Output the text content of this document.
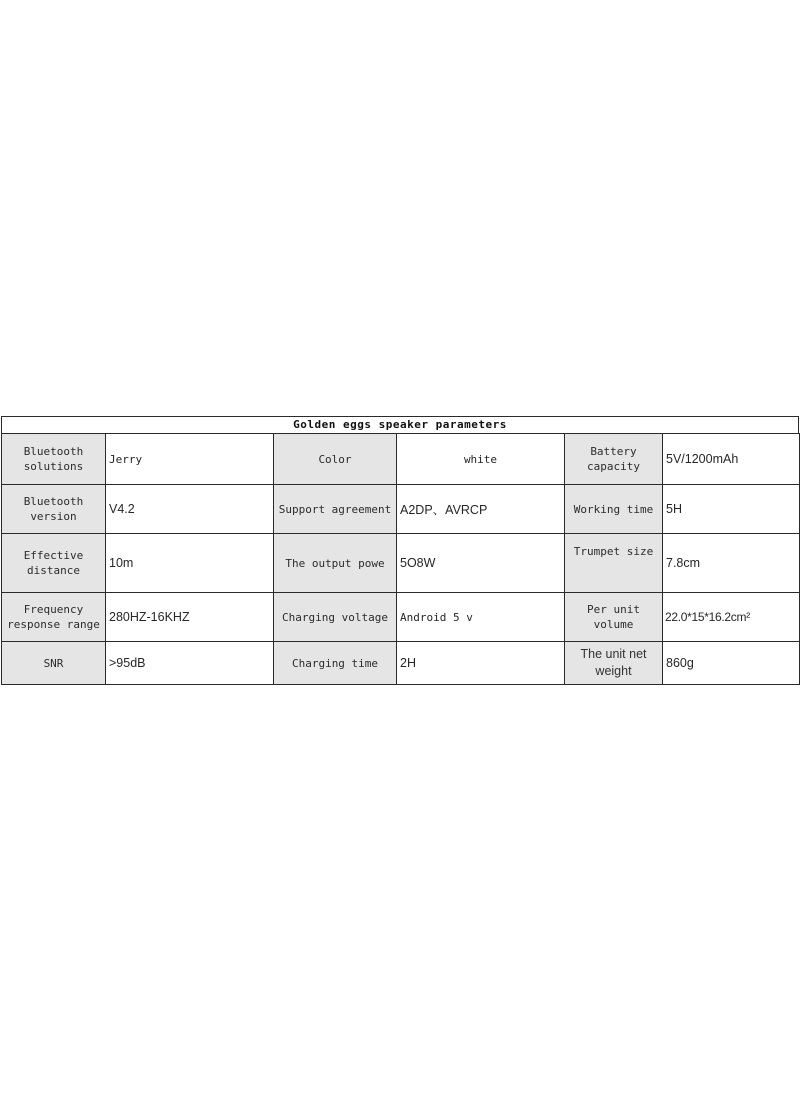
Golden eggs speaker parameters
Bluetooth solutions	Jerry	Color	white	Battery capacity	5V/1200mAh
Bluetooth version	V4.2	Support agreement	A2DP、AVRCP	Working time	5H
Effective distance	10m	The output powe	5O8W	Trumpet size	7.8cm
Frequency response range	280HZ-16KHZ	Charging voltage	Android 5 v	Per unit volume	22.0*15*16.2cm²
SNR	>95dB	Charging time	2H	The unit net weight	860g
